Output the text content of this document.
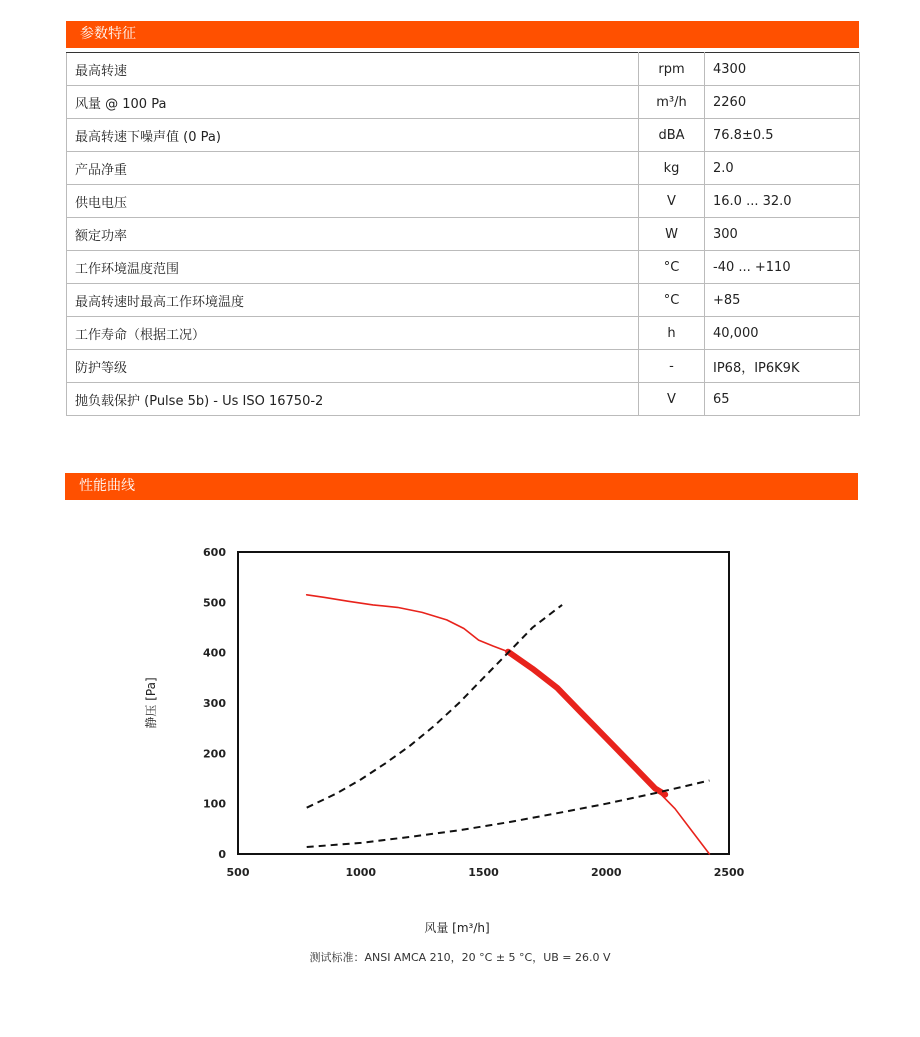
参数特征
最高转速	rpm	4300
风量 @ 100 Pa	m³/h	2260
最高转速下噪声值 (0 Pa)	dBA	76.8±0.5
产品净重	kg	2.0
供电电压	V	16.0 ... 32.0
额定功率	W	300
工作环境温度范围	°C	-40 ... +110
最高转速时最高工作环境温度	°C	+85
工作寿命（根据工况）	h	40,000
防护等级	-	IP68，IP6K9K
抛负载保护 (Pulse 5b) - Us ISO 16750-2	V	65
性能曲线
500	1000	1500	2000	2500
0
100
200
300
400
500
600
风量 [m³/h]
静压 [Pa]
测试标准：ANSI AMCA 210，20 °C ± 5 °C，UB = 26.0 V
